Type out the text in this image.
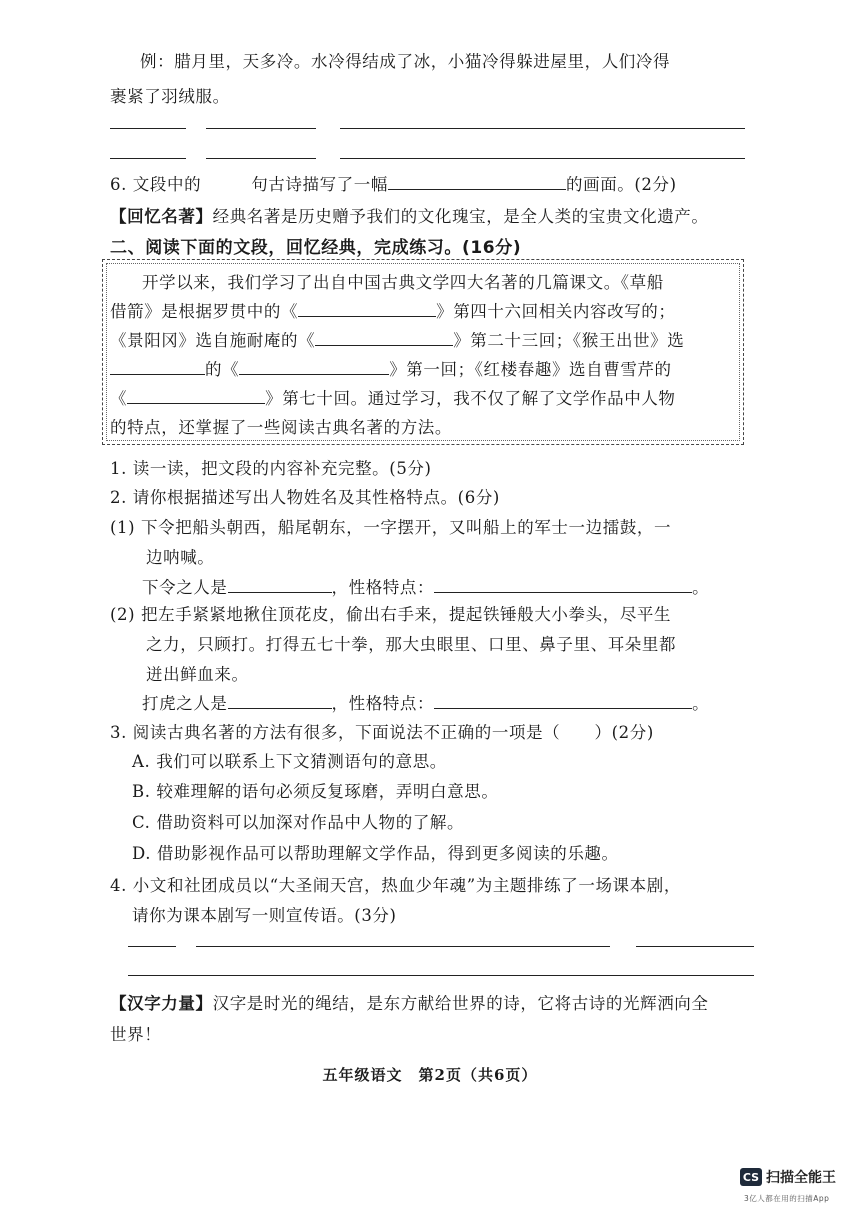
例：腊月里，天多冷。水冷得结成了冰，小猫冷得躲进屋里，人们冷得
裹紧了羽绒服。
6. 文段中的	句古诗描写了一幅	的画面。(2分)
【回忆名著】经典名著是历史赠予我们的文化瑰宝，是全人类的宝贵文化遗产。
二、阅读下面的文段，回忆经典，完成练习。(16分)
开学以来，我们学习了出自中国古典文学四大名著的几篇课文。《草船
借箭》是根据罗贯中的《	》第四十六回相关内容改写的；
《景阳冈》选自施耐庵的《	》第二十三回；《猴王出世》选
的《	》第一回；《红楼春趣》选自曹雪芹的
《	》第七十回。通过学习，我不仅了解了文学作品中人物
的特点，还掌握了一些阅读古典名著的方法。
1. 读一读，把文段的内容补充完整。(5分)
2. 请你根据描述写出人物姓名及其性格特点。(6分)
(1) 下令把船头朝西，船尾朝东，一字摆开，又叫船上的军士一边擂鼓，一
边呐喊。
下令之人是	，性格特点：	。
(2) 把左手紧紧地揪住顶花皮，偷出右手来，提起铁锤般大小拳头，尽平生
之力，只顾打。打得五七十拳，那大虫眼里、口里、鼻子里、耳朵里都
迸出鲜血来。
打虎之人是	，性格特点：	。
3. 阅读古典名著的方法有很多，下面说法不正确的一项是（　　）(2分)
A. 我们可以联系上下文猜测语句的意思。
B. 较难理解的语句必须反复琢磨，弄明白意思。
C. 借助资料可以加深对作品中人物的了解。
D. 借助影视作品可以帮助理解文学作品，得到更多阅读的乐趣。
4. 小文和社团成员以“大圣闹天宫，热血少年魂”为主题排练了一场课本剧，
请你为课本剧写一则宣传语。(3分)
【汉字力量】汉字是时光的绳结，是东方献给世界的诗，它将古诗的光辉洒向全
世界！
五年级语文　第2页（共6页）
CS 扫描全能王
3亿人都在用的扫描App
